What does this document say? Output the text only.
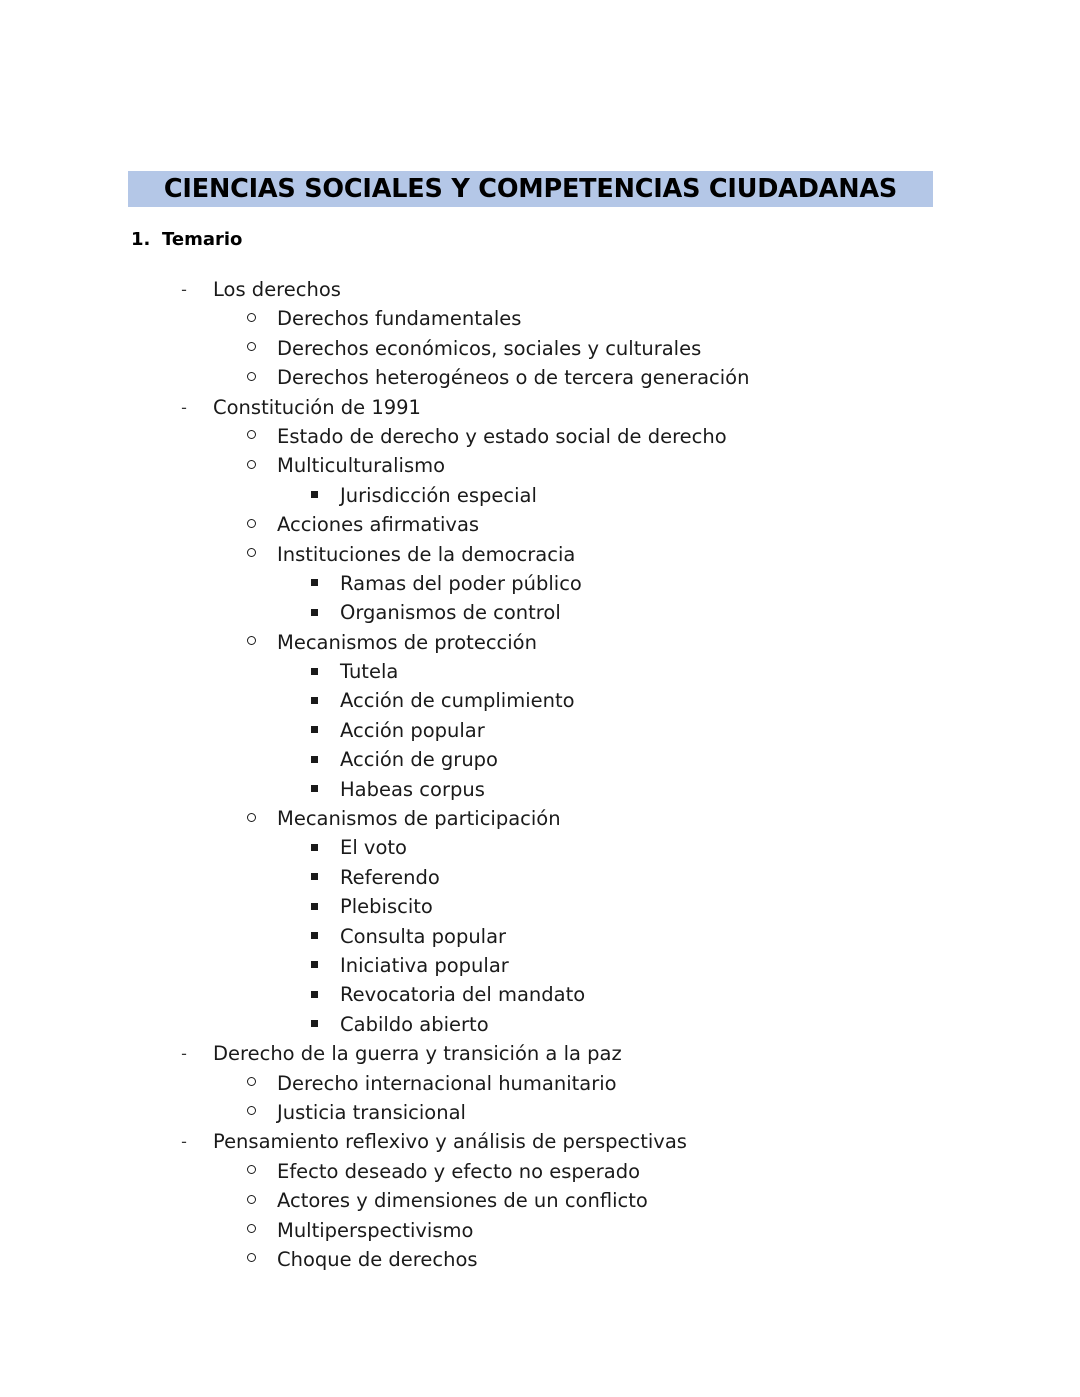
CIENCIAS SOCIALES Y COMPETENCIAS CIUDADANAS
1. Temario
- Los derechos
Derechos fundamentales
Derechos económicos, sociales y culturales
Derechos heterogéneos o de tercera generación
- Constitución de 1991
Estado de derecho y estado social de derecho
Multiculturalismo
Jurisdicción especial
Acciones afirmativas
Instituciones de la democracia
Ramas del poder público
Organismos de control
Mecanismos de protección
Tutela
Acción de cumplimiento
Acción popular
Acción de grupo
Habeas corpus
Mecanismos de participación
El voto
Referendo
Plebiscito
Consulta popular
Iniciativa popular
Revocatoria del mandato
Cabildo abierto
- Derecho de la guerra y transición a la paz
Derecho internacional humanitario
Justicia transicional
- Pensamiento reflexivo y análisis de perspectivas
Efecto deseado y efecto no esperado
Actores y dimensiones de un conflicto
Multiperspectivismo
Choque de derechos
